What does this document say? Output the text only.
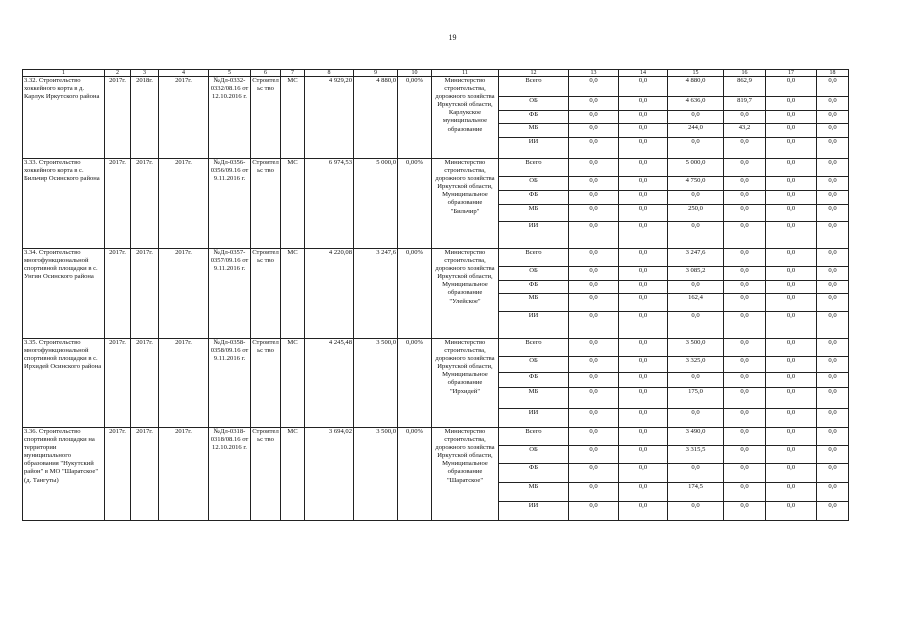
19
1	2	3	4	5	6	7	8	9	10	11	12	13	14	15	16	17	18
3.32. Строительство хоккейного корта в д. Карлук Иркутского района	2017г.	2018г.	2017г.	№Дл-0332-0332/08.16 от 12.10.2016 г.	Строительс тво	МС	4 929,20	4 880,0	0,00%	Министерство строительства, дорожного хозяйства Иркутской области, Карлукское муниципальное образование	Всего	0,0	0,0	4 880,0	862,9	0,0	0,0
											ОБ	0,0	0,0	4 636,0	819,7	0,0	0,0
											ФБ	0,0	0,0	0,0	0,0	0,0	0,0
											МБ	0,0	0,0	244,0	43,2	0,0	0,0
											ИИ	0,0	0,0	0,0	0,0	0,0	0,0
3.33. Строительство хоккейного корта в с. Бильчир Осинского района	2017г.	2017г.	2017г.	№Дл-0356-0356/09.16 от 9.11.2016 г.	Строительс тво	МС	6 974,53	5 000,0	0,00%	Министерство строительства, дорожного хозяйства Иркутской области, Муниципальное образование "Бильчир"	Всего	0,0	0,0	5 000,0	0,0	0,0	0,0
											ОБ	0,0	0,0	4 750,0	0,0	0,0	0,0
											ФБ	0,0	0,0	0,0	0,0	0,0	0,0
											МБ	0,0	0,0	250,0	0,0	0,0	0,0
											ИИ	0,0	0,0	0,0	0,0	0,0	0,0
3.34. Строительство многофункциональной спортивной площадки в с. Унгин Осинского района	2017г.	2017г.	2017г.	№Дл-0357-0357/09.16 от 9.11.2016 г.	Строительс тво	МС	4 220,08	3 247,6	0,00%	Министерство строительства, дорожного хозяйства Иркутской области, Муниципальное образование "Улейское"	Всего	0,0	0,0	3 247,6	0,0	0,0	0,0
											ОБ	0,0	0,0	3 085,2	0,0	0,0	0,0
											ФБ	0,0	0,0	0,0	0,0	0,0	0,0
											МБ	0,0	0,0	162,4	0,0	0,0	0,0
											ИИ	0,0	0,0	0,0	0,0	0,0	0,0
3.35. Строительство многофункциональной спортивной площадки в с. Ирхидей Осинского района	2017г.	2017г.	2017г.	№Дл-0358-0358/09.16 от 9.11.2016 г.	Строительс тво	МС	4 245,48	3 500,0	0,00%	Министерство строительства, дорожного хозяйства Иркутской области, Муниципальное образование "Ирхидей"	Всего	0,0	0,0	3 500,0	0,0	0,0	0,0
											ОБ	0,0	0,0	3 325,0	0,0	0,0	0,0
											ФБ	0,0	0,0	0,0	0,0	0,0	0,0
											МБ	0,0	0,0	175,0	0,0	0,0	0,0
											ИИ	0,0	0,0	0,0	0,0	0,0	0,0
3.36. Строительство спортивной площадки на территории муниципального образования "Нукутский район" в МО "Шаратское" (д. Тангуты)	2017г.	2017г.	2017г.	№Дл-0318-0318/08.16 от 12.10.2016 г.	Строительс тво	МС	3 694,02	3 500,0	0,00%	Министерство строительства, дорожного хозяйства Иркутской области, Муниципальное образование "Шаратское"	Всего	0,0	0,0	3 490,0	0,0	0,0	0,0
											ОБ	0,0	0,0	3 315,5	0,0	0,0	0,0
											ФБ	0,0	0,0	0,0	0,0	0,0	0,0
											МБ	0,0	0,0	174,5	0,0	0,0	0,0
											ИИ	0,0	0,0	0,0	0,0	0,0	0,0
